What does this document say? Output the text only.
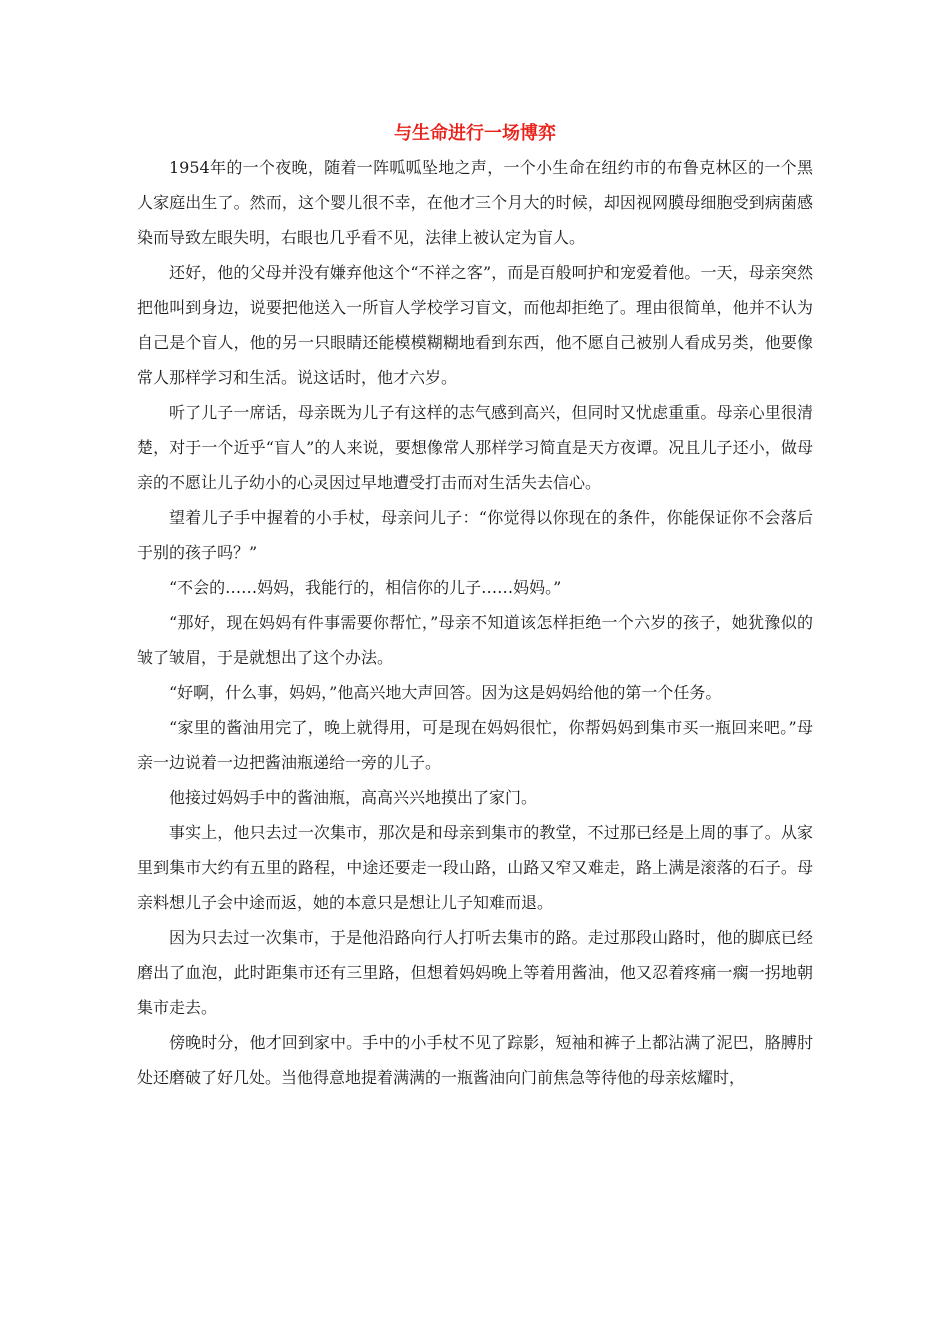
与生命进行一场博弈

1954年的一个夜晚，随着一阵呱呱坠地之声，一个小生命在纽约市的布鲁克林区的一个黑人家庭出生了。然而，这个婴儿很不幸，在他才三个月大的时候，却因视网膜母细胞受到病菌感染而导致左眼失明，右眼也几乎看不见，法律上被认定为盲人。

还好，他的父母并没有嫌弃他这个“不祥之客”，而是百般呵护和宠爱着他。一天，母亲突然把他叫到身边，说要把他送入一所盲人学校学习盲文，而他却拒绝了。理由很简单，他并不认为自己是个盲人，他的另一只眼睛还能模模糊糊地看到东西，他不愿自己被别人看成另类，他要像常人那样学习和生活。说这话时，他才六岁。

听了儿子一席话，母亲既为儿子有这样的志气感到高兴，但同时又忧虑重重。母亲心里很清楚，对于一个近乎“盲人”的人来说，要想像常人那样学习简直是天方夜谭。况且儿子还小，做母亲的不愿让儿子幼小的心灵因过早地遭受打击而对生活失去信心。

望着儿子手中握着的小手杖，母亲问儿子：“你觉得以你现在的条件，你能保证你不会落后于别的孩子吗？”

“不会的……妈妈，我能行的，相信你的儿子……妈妈。”

“那好，现在妈妈有件事需要你帮忙，”母亲不知道该怎样拒绝一个六岁的孩子，她犹豫似的皱了皱眉，于是就想出了这个办法。

“好啊，什么事，妈妈，”他高兴地大声回答。因为这是妈妈给他的第一个任务。

“家里的酱油用完了，晚上就得用，可是现在妈妈很忙，你帮妈妈到集市买一瓶回来吧。”母亲一边说着一边把酱油瓶递给一旁的儿子。

他接过妈妈手中的酱油瓶，高高兴兴地摸出了家门。

事实上，他只去过一次集市，那次是和母亲到集市的教堂，不过那已经是上周的事了。从家里到集市大约有五里的路程，中途还要走一段山路，山路又窄又难走，路上满是滚落的石子。母亲料想儿子会中途而返，她的本意只是想让儿子知难而退。

因为只去过一次集市，于是他沿路向行人打听去集市的路。走过那段山路时，他的脚底已经磨出了血泡，此时距集市还有三里路，但想着妈妈晚上等着用酱油，他又忍着疼痛一瘸一拐地朝集市走去。

傍晚时分，他才回到家中。手中的小手杖不见了踪影，短袖和裤子上都沾满了泥巴，胳膊肘处还磨破了好几处。当他得意地提着满满的一瓶酱油向门前焦急等待他的母亲炫耀时，
